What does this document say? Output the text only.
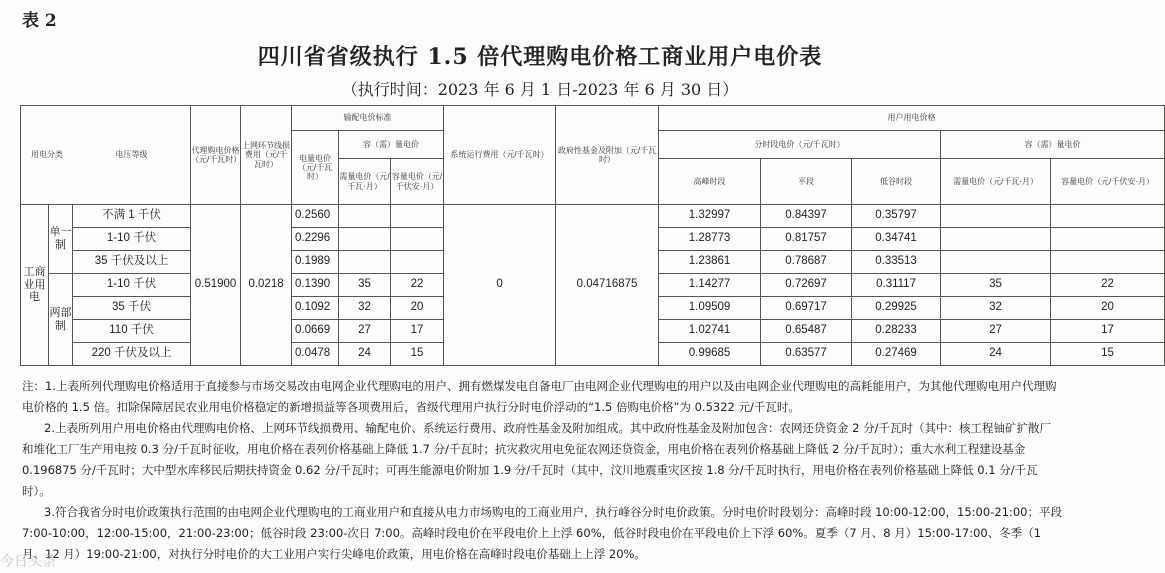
表 2
四川省省级执行 1.5 倍代理购电价格工商业用户电价表
（执行时间：2023 年 6 月 1 日-2023 年 6 月 30 日）
用电分类	电压等级
	代理购电价格（元/千瓦时）	上网环节线损费用（元/千瓦时）	输配电价标准	系统运行费用（元/千瓦时）	政府性基金及附加（元/千瓦时）	用户用电价格
电量电价（元/千瓦时）	容（需）量电价	分时段电价（元/千瓦时）	容（需）量电价
需量电价（元/千瓦·月）	容量电价（元/千伏安·月）	高峰时段	平段	低谷时段	需量电价（元/千瓦·月）	容量电价（元/千伏安·月）
工商业用电	单一制	不满 1 千伏	0.51900	0.0218	0.2560			0	0.04716875	1.32997	0.84397	0.35797		
1-10 千伏	0.2296			1.28773	0.81757	0.34741		
35 千伏及以上	0.1989			1.23861	0.78687	0.33513		
两部制	1-10 千伏	0.1390	35	22	1.14277	0.72697	0.31117	35	22
35 千伏	0.1092	32	20	1.09509	0.69717	0.29925	32	20
110 千伏	0.0669	27	17	1.02741	0.65487	0.28233	27	17
220 千伏及以上	0.0478	24	15	0.99685	0.63577	0.27469	24	15

注：1.上表所列代理购电价格适用于直接参与市场交易改由电网企业代理购电的用户、拥有燃煤发电自备电厂由电网企业代理购电的用户以及由电网企业代理购电的高耗能用户，为其他代理购电用户代理购电价格的 1.5 倍。扣除保障居民农业用电价格稳定的新增损益等各项费用后，省级代理用户执行分时电价浮动的“1.5 倍购电价格”为 0.5322 元/千瓦时。

2.上表所列用户用电价格由代理购电价格、上网环节线损费用、输配电价、系统运行费用、政府性基金及附加组成。其中政府性基金及附加包含：农网还贷资金 2 分/千瓦时（其中：核工程铀矿扩散厂和堆化工厂生产用电按 0.3 分/千瓦时征收，用电价格在表列价格基础上降低 1.7 分/千瓦时；抗灾救灾用电免征农网还贷资金，用电价格在表列价格基础上降低 2 分/千瓦时）；重大水利工程建设基金 0.196875 分/千瓦时；大中型水库移民后期扶持资金 0.62 分/千瓦时；可再生能源电价附加 1.9 分/千瓦时（其中，汶川地震重灾区按 1.8 分/千瓦时执行，用电价格在表列价格基础上降低 0.1 分/千瓦时）。

3.符合我省分时电价政策执行范围的由电网企业代理购电的工商业用户和直接从电力市场购电的工商业用户，执行峰谷分时电价政策。分时电价时段划分：高峰时段 10:00-12:00，15:00-21:00；平段 7:00-10:00，12:00-15:00，21:00-23:00；低谷时段 23:00-次日 7:00。高峰时段电价在平段电价上上浮 60%，低谷时段电价在平段电价上下浮 60%。夏季（7 月、8 月）15:00-17:00、冬季（1 月、12 月）19:00-21:00，对执行分时电价的大工业用户实行尖峰电价政策，用电价格在高峰时段电价基础上上浮 20%。

今日头条
